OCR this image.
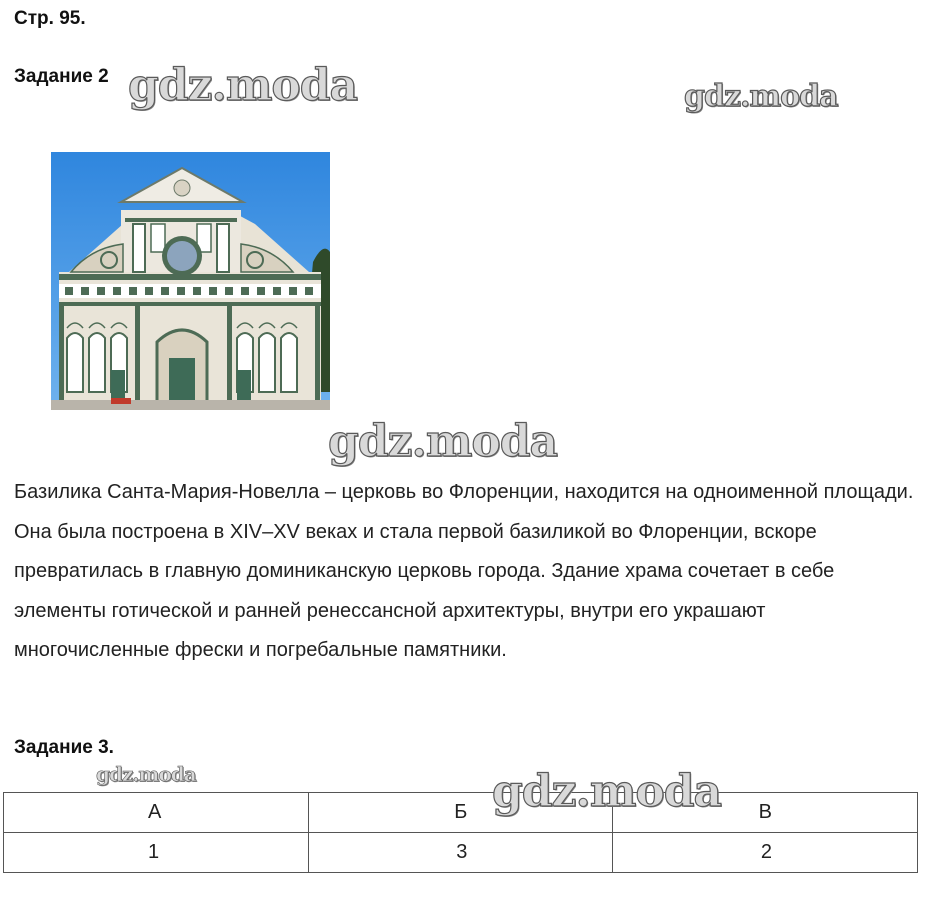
Стр. 95.
Задание 2 gdz.moda	gdz.moda
gdz.moda
Базилика Санта-Мария-Новелла – церковь во Флоренции, находится на одноименной площади. Она была построена в XIV–XV веках и стала первой базиликой во Флоренции, вскоре превратилась в главную доминиканскую церковь города. Здание храма сочетает в себе элементы готической и ранней ренессансной архитектуры, внутри его украшают многочисленные фрески и погребальные памятники.
Задание 3.
gdz.moda
А	Б	В
1	3	2
gdz.moda
